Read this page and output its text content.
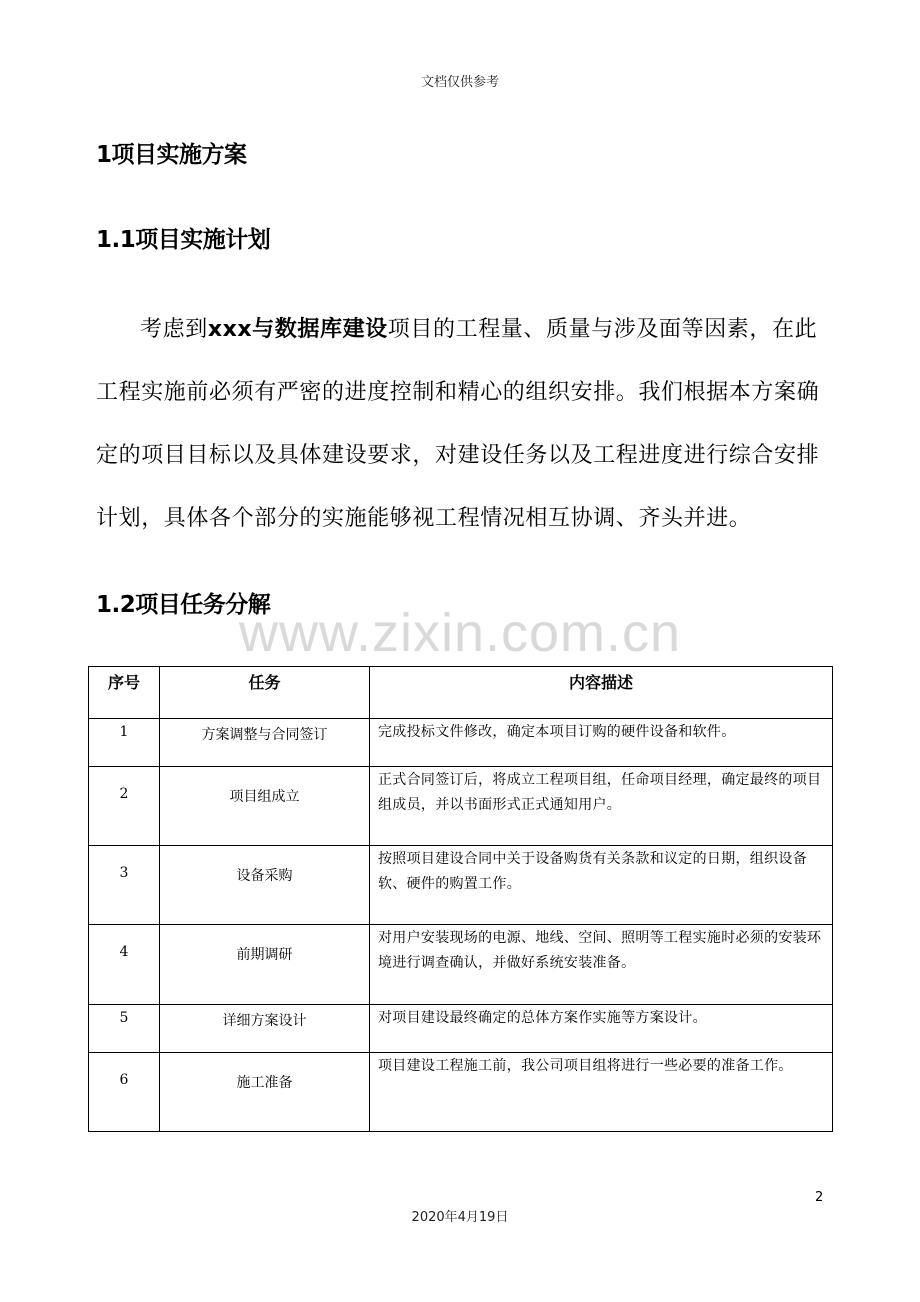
文档仅供参考
1项目实施方案
1.1项目实施计划

考虑到xxx与数据库建设项目的工程量、质量与涉及面等因素，在此工程实施前必须有严密的进度控制和精心的组织安排。我们根据本方案确定的项目目标以及具体建设要求，对建设任务以及工程进度进行综合安排计划，具体各个部分的实施能够视工程情况相互协调、齐头并进。

1.2项目任务分解
www.zixin.com.cn
序号	任务	内容描述
1	方案调整与合同签订	完成投标文件修改，确定本项目订购的硬件设备和软件。
2	项目组成立	正式合同签订后，将成立工程项目组，任命项目经理，确定最终的项目组成员，并以书面形式正式通知用户。
3	设备采购	按照项目建设合同中关于设备购货有关条款和议定的日期，组织设备软、硬件的购置工作。
4	前期调研	对用户安装现场的电源、地线、空间、照明等工程实施时必须的安装环境进行调查确认，并做好系统安装准备。
5	详细方案设计	对项目建设最终确定的总体方案作实施等方案设计。
6	施工准备	项目建设工程施工前，我公司项目组将进行一些必要的准备工作。
2
2020年4月19日
